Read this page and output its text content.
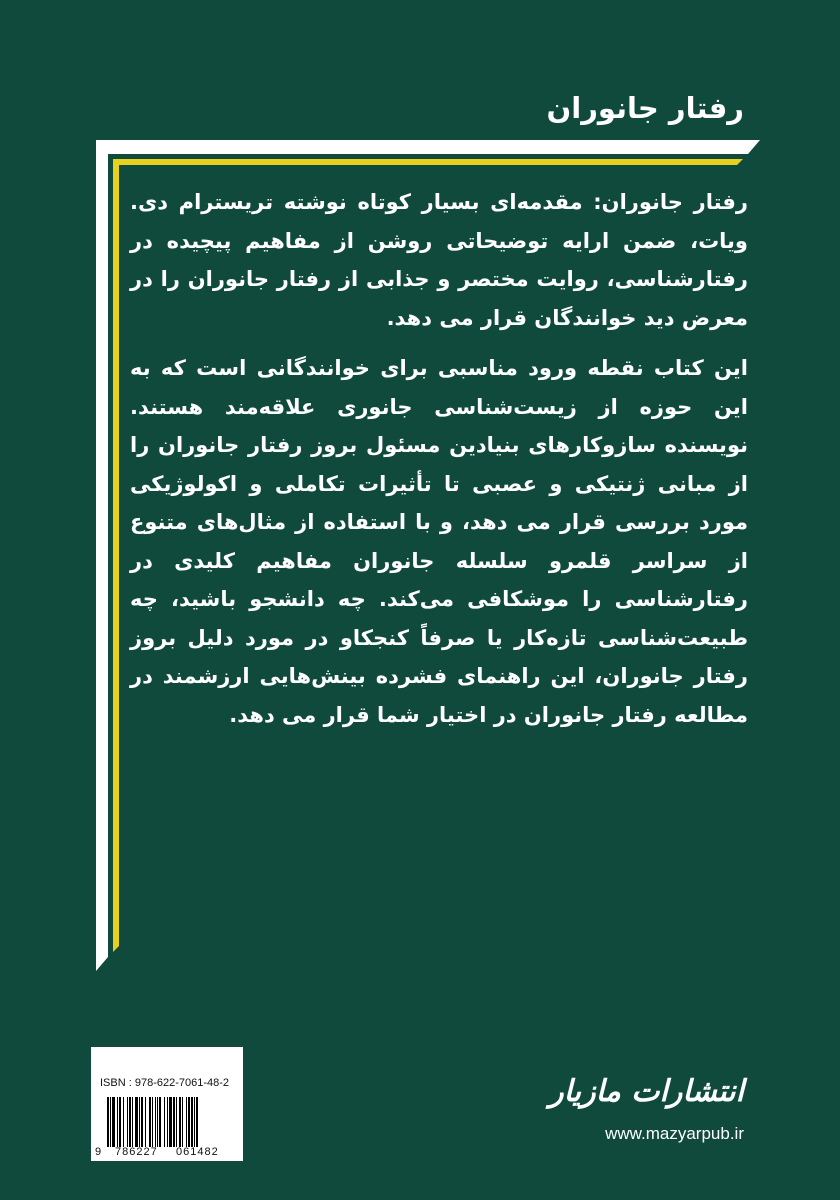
رفتار جانوران

رفتار جانوران: مقدمه‌ای بسیار کوتاه نوشته تریسترام دی. ویات، ضمن ارایه توضیحاتی روشن از مفاهیم پیچیده در رفتارشناسی، روایت مختصر و جذابی از رفتار جانوران را در معرض دید خوانندگان قرار می دهد.

این کتاب نقطه ورود مناسبی برای خوانندگانی است که به این حوزه از زیست‌شناسی جانوری علاقه‌مند هستند. نویسنده سازوکارهای بنیادین مسئول بروز رفتار جانوران را از مبانی ژنتیکی و عصبی تا تأثیرات تکاملی و اکولوژیکی مورد بررسی قرار می دهد، و با استفاده از مثال‌های متنوع از سراسر قلمرو سلسله جانوران مفاهیم کلیدی در رفتارشناسی را موشکافی می‌کند. چه دانشجو باشید، چه طبیعت‌شناسی تازه‌کار یا صرفاً کنجکاو در مورد دلیل بروز رفتار جانوران، این راهنمای فشرده بینش‌هایی ارزشمند در مطالعه رفتار جانوران در اختیار شما قرار می دهد.

ISBN : 978-622-7061-48-2
9 786227 061482
انتشارات مازیار
www.mazyarpub.ir
